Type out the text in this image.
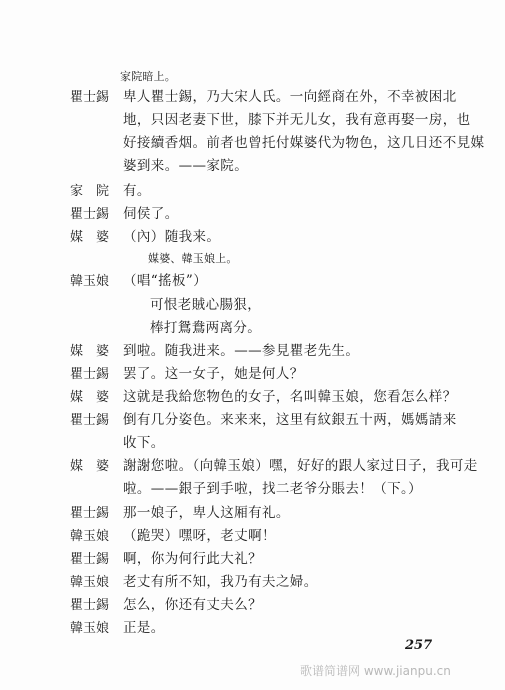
家院暗上。
瞿士錫 卑人瞿士錫，乃大宋人氏。一向經商在外，不幸被困北
地，只因老妻下世，膝下并无儿女，我有意再娶一房，也
好接續香烟。前者也曾托付媒婆代为物色，这几日还不見媒
婆到来。——家院。
家　院 有。
瞿士錫 伺侯了。
媒　婆 （內）随我来。
媒婆、韓玉娘上。
韓玉娘 （唱“搖板”）
可恨老賊心腸狠，
棒打鴛鴦两离分。
媒　婆 到啦。随我进来。——参見瞿老先生。
瞿士錫 罢了。这一女子，她是何人？
媒　婆 这就是我給您物色的女子，名叫韓玉娘，您看怎么样？
瞿士錫 倒有几分姿色。来来来，这里有紋銀五十两，媽媽請来
收下。
媒　婆 謝謝您啦。（向韓玉娘）嘿，好好的跟人家过日子，我可走
啦。——銀子到手啦，找二老爷分賬去！（下。）
瞿士錫 那一娘子，卑人这厢有礼。
韓玉娘 （跪哭）嘿呀，老丈啊！
瞿士錫 啊，你为何行此大礼？
韓玉娘 老丈有所不知，我乃有夫之婦。
瞿士錫 怎么，你还有丈夫么？
韓玉娘 正是。
257
歌谱简谱网 www.jianpu.cn
